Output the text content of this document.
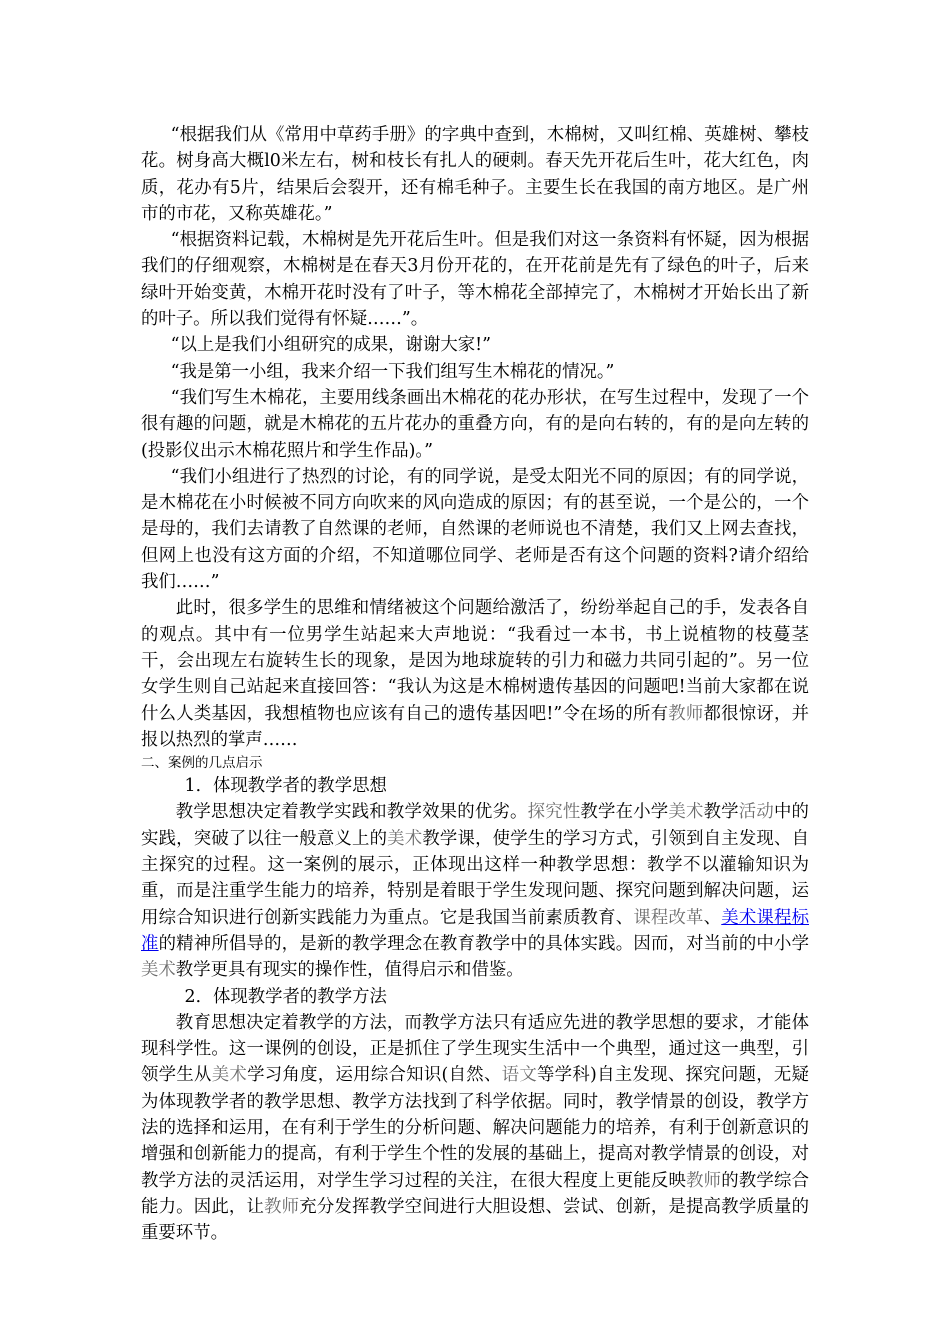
“根据我们从《常用中草药手册》的字典中查到，木棉树，又叫红棉、英雄树、攀枝花。树身高大概l0米左右，树和枝长有扎人的硬刺。春天先开花后生叶，花大红色，肉质，花办有5片，结果后会裂开，还有棉毛种子。主要生长在我国的南方地区。是广州市的市花，又称英雄花。”

“根据资料记载，木棉树是先开花后生叶。但是我们对这一条资料有怀疑，因为根据我们的仔细观察，木棉树是在春天3月份开花的，在开花前是先有了绿色的叶子，后来绿叶开始变黄，木棉开花时没有了叶子，等木棉花全部掉完了，木棉树才开始长出了新的叶子。所以我们觉得有怀疑……”。

“以上是我们小组研究的成果，谢谢大家!”

“我是第一小组，我来介绍一下我们组写生木棉花的情况。”

“我们写生木棉花，主要用线条画出木棉花的花办形状，在写生过程中，发现了一个很有趣的问题，就是木棉花的五片花办的重叠方向，有的是向右转的，有的是向左转的(投影仪出示木棉花照片和学生作品)。”

“我们小组进行了热烈的讨论，有的同学说，是受太阳光不同的原因；有的同学说，是木棉花在小时候被不同方向吹来的风向造成的原因；有的甚至说，一个是公的，一个是母的，我们去请教了自然课的老师，自然课的老师说也不清楚，我们又上网去查找，但网上也没有这方面的介绍，不知道哪位同学、老师是否有这个问题的资料?请介绍给我们……”

此时，很多学生的思维和情绪被这个问题给激活了，纷纷举起自己的手，发表各自的观点。其中有一位男学生站起来大声地说：“我看过一本书，书上说植物的枝蔓茎干，会出现左右旋转生长的现象，是因为地球旋转的引力和磁力共同引起的”。另一位女学生则自己站起来直接回答：“我认为这是木棉树遗传基因的问题吧!当前大家都在说什么人类基因，我想植物也应该有自己的遗传基因吧!”令在场的所有教师都很惊讶，并报以热烈的掌声……

二、案例的几点启示

1．体现教学者的教学思想

教学思想决定着教学实践和教学效果的优劣。探究性教学在小学美术教学活动中的实践，突破了以往一般意义上的美术教学课，使学生的学习方式，引领到自主发现、自主探究的过程。这一案例的展示，正体现出这样一种教学思想：教学不以灌输知识为重，而是注重学生能力的培养，特别是着眼于学生发现问题、探究问题到解决问题，运用综合知识进行创新实践能力为重点。它是我国当前素质教育、课程改革、美术课程标准的精神所倡导的，是新的教学理念在教育教学中的具体实践。因而，对当前的中小学美术教学更具有现实的操作性，值得启示和借鉴。

2．体现教学者的教学方法

教育思想决定着教学的方法，而教学方法只有适应先进的教学思想的要求，才能体现科学性。这一课例的创设，正是抓住了学生现实生活中一个典型，通过这一典型，引领学生从美术学习角度，运用综合知识(自然、语文等学科)自主发现、探究问题，无疑为体现教学者的教学思想、教学方法找到了科学依据。同时，教学情景的创设，教学方法的选择和运用，在有利于学生的分析问题、解决问题能力的培养，有利于创新意识的增强和创新能力的提高，有利于学生个性的发展的基础上，提高对教学情景的创设，对教学方法的灵活运用，对学生学习过程的关注，在很大程度上更能反映教师的教学综合能力。因此，让教师充分发挥教学空间进行大胆设想、尝试、创新，是提高教学质量的重要环节。
